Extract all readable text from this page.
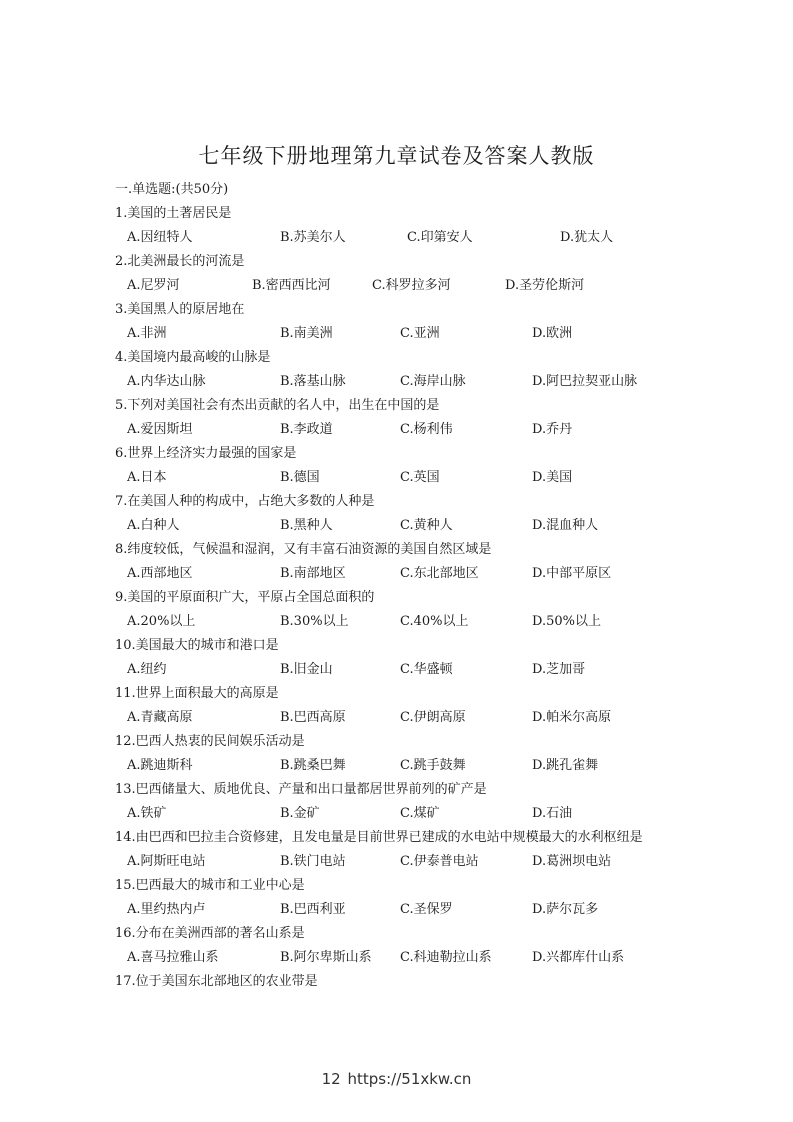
七年级下册地理第九章试卷及答案人教版
一.单选题:(共50分)
1.美国的土著居民是
A.因纽特人	B.苏美尔人	C.印第安人	D.犹太人
2.北美洲最长的河流是
A.尼罗河	B.密西西比河	C.科罗拉多河	D.圣劳伦斯河
3.美国黑人的原居地在
A.非洲	B.南美洲	C.亚洲	D.欧洲
4.美国境内最高峻的山脉是
A.内华达山脉	B.落基山脉	C.海岸山脉	D.阿巴拉契亚山脉
5.下列对美国社会有杰出贡献的名人中，出生在中国的是
A.爱因斯坦	B.李政道	C.杨利伟	D.乔丹
6.世界上经济实力最强的国家是
A.日本	B.德国	C.英国	D.美国
7.在美国人种的构成中，占绝大多数的人种是
A.白种人	B.黑种人	C.黄种人	D.混血种人
8.纬度较低，气候温和湿润，又有丰富石油资源的美国自然区域是
A.西部地区	B.南部地区	C.东北部地区	D.中部平原区
9.美国的平原面积广大，平原占全国总面积的
A.20%以上	B.30%以上	C.40%以上	D.50%以上
10.美国最大的城市和港口是
A.纽约	B.旧金山	C.华盛顿	D.芝加哥
11.世界上面积最大的高原是
A.青藏高原	B.巴西高原	C.伊朗高原	D.帕米尔高原
12.巴西人热衷的民间娱乐活动是
A.跳迪斯科	B.跳桑巴舞	C.跳手鼓舞	D.跳孔雀舞
13.巴西储量大、质地优良、产量和出口量都居世界前列的矿产是
A.铁矿	B.金矿	C.煤矿	D.石油
14.由巴西和巴拉圭合资修建，且发电量是目前世界已建成的水电站中规模最大的水利枢纽是
A.阿斯旺电站	B.铁门电站	C.伊泰普电站	D.葛洲坝电站
15.巴西最大的城市和工业中心是
A.里约热内卢	B.巴西利亚	C.圣保罗	D.萨尔瓦多
16.分布在美洲西部的著名山系是
A.喜马拉雅山系	B.阿尔卑斯山系 C.科迪勒拉山系	D.兴都库什山系
17.位于美国东北部地区的农业带是
12 https://51xkw.cn
